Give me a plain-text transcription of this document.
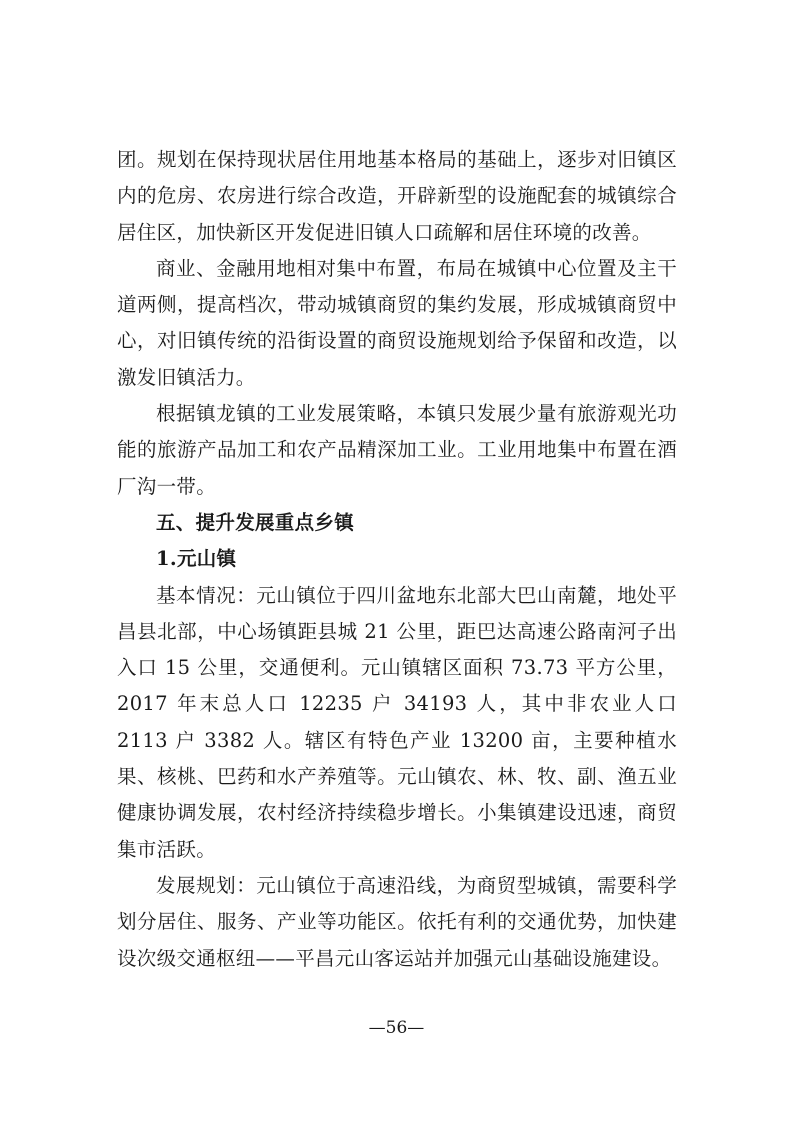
团。规划在保持现状居住用地基本格局的基础上，逐步对旧镇区内的危房、农房进行综合改造，开辟新型的设施配套的城镇综合居住区，加快新区开发促进旧镇人口疏解和居住环境的改善。

商业、金融用地相对集中布置，布局在城镇中心位置及主干道两侧，提高档次，带动城镇商贸的集约发展，形成城镇商贸中心，对旧镇传统的沿街设置的商贸设施规划给予保留和改造，以激发旧镇活力。

根据镇龙镇的工业发展策略，本镇只发展少量有旅游观光功能的旅游产品加工和农产品精深加工业。工业用地集中布置在酒厂沟一带。

五、提升发展重点乡镇

1.元山镇

基本情况：元山镇位于四川盆地东北部大巴山南麓，地处平昌县北部，中心场镇距县城 21 公里，距巴达高速公路南河子出入口 15 公里，交通便利。元山镇辖区面积 73.73 平方公里， 2017 年末总人口 12235 户 34193 人，其中非农业人口 2113 户 3382 人。辖区有特色产业 13200 亩，主要种植水果、核桃、巴药和水产养殖等。元山镇农、林、牧、副、渔五业健康协调发展，农村经济持续稳步增长。小集镇建设迅速，商贸集市活跃。

发展规划：元山镇位于高速沿线，为商贸型城镇，需要科学划分居住、服务、产业等功能区。依托有利的交通优势，加快建设次级交通枢纽——平昌元山客运站并加强元山基础设施建设。

—56—
